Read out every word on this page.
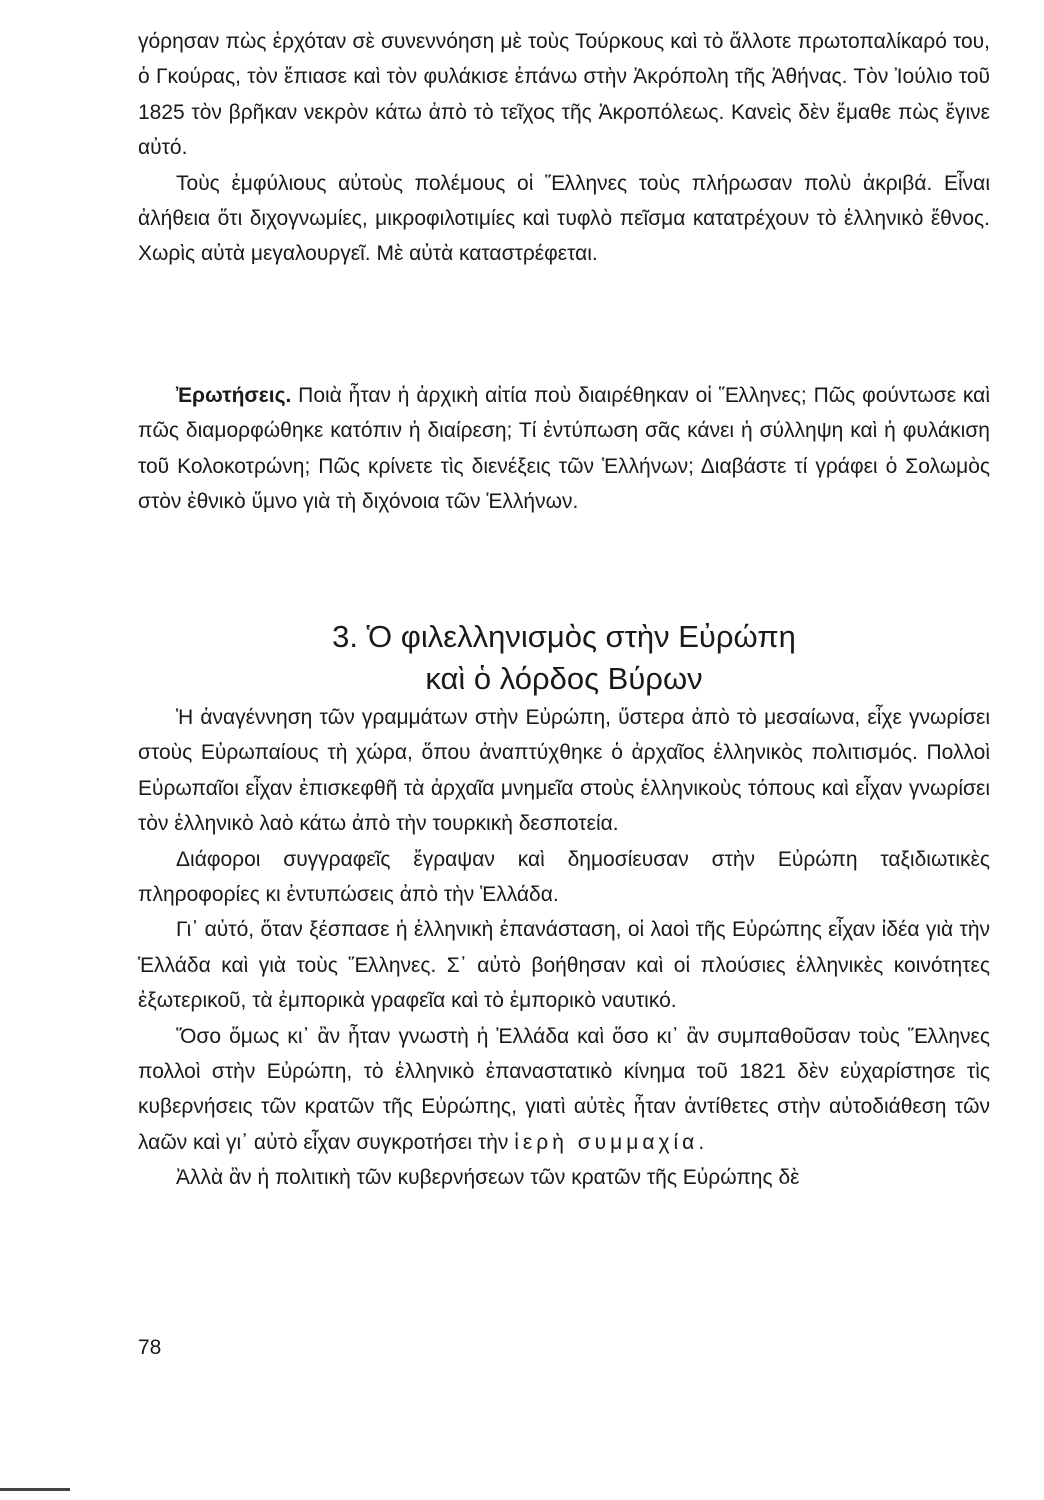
γόρησαν πὼς ἐρχόταν σὲ συνεννόηση μὲ τοὺς Τούρκους καὶ τὸ ἄλλοτε πρωτοπαλίκαρό του, ὁ Γκούρας, τὸν ἔπιασε καὶ τὸν φυλάκισε ἐπάνω στὴν Ἀκρόπολη τῆς Ἀθήνας. Τὸν Ἰούλιο τοῦ 1825 τὸν βρῆκαν νεκρὸν κάτω ἀπὸ τὸ τεῖχος τῆς Ἀκροπόλεως. Κανεὶς δὲν ἔμαθε πὼς ἔγινε αὐτό.

Τοὺς ἐμφύλιους αὐτοὺς πολέμους οἱ Ἕλληνες τοὺς πλήρωσαν πολὺ ἀκριβά. Εἶναι ἀλήθεια ὅτι διχογνωμίες, μικροφιλοτιμίες καὶ τυφλὸ πεῖσμα κατατρέχουν τὸ ἑλληνικὸ ἔθνος. Χωρὶς αὐτὰ μεγαλουργεῖ. Μὲ αὐτὰ καταστρέφεται.

Ἐρωτήσεις. Ποιὰ ἦταν ἡ ἀρχικὴ αἰτία ποὺ διαιρέθηκαν οἱ Ἕλληνες; Πῶς φούντωσε καὶ πῶς διαμορφώθηκε κατόπιν ἡ διαίρεση; Τί ἐντύπωση σᾶς κάνει ἡ σύλληψη καὶ ἡ φυλάκιση τοῦ Κολοκοτρώνη; Πῶς κρίνετε τὶς διενέξεις τῶν Ἑλλήνων; Διαβάστε τί γράφει ὁ Σολωμὸς στὸν ἐθνικὸ ὕμνο γιὰ τὴ διχόνοια τῶν Ἑλλήνων.

3. Ὁ φιλελληνισμὸς στὴν Εὐρώπη
καὶ ὁ λόρδος Βύρων

Ἡ ἀναγέννηση τῶν γραμμάτων στὴν Εὐρώπη, ὕστερα ἀπὸ τὸ μεσαίωνα, εἶχε γνωρίσει στοὺς Εὐρωπαίους τὴ χώρα, ὅπου ἀναπτύχθηκε ὁ ἀρχαῖος ἑλληνικὸς πολιτισμός. Πολλοὶ Εὐρωπαῖοι εἶχαν ἐπισκεφθῆ τὰ ἀρχαῖα μνημεῖα στοὺς ἑλληνικοὺς τόπους καὶ εἶχαν γνωρίσει τὸν ἑλληνικὸ λαὸ κάτω ἀπὸ τὴν τουρκικὴ δεσποτεία.

Διάφοροι συγγραφεῖς ἔγραψαν καὶ δημοσίευσαν στὴν Εὐρώπη ταξιδιωτικὲς πληροφορίες κι ἐντυπώσεις ἀπὸ τὴν Ἑλλάδα.

Γι᾿ αὐτό, ὅταν ξέσπασε ἡ ἑλληνικὴ ἐπανάσταση, οἱ λαοὶ τῆς Εὐρώπης εἶχαν ἰδέα γιὰ τὴν Ἑλλάδα καὶ γιὰ τοὺς Ἕλληνες. Σ᾿ αὐτὸ βοήθησαν καὶ οἱ πλούσιες ἑλληνικὲς κοινότητες ἐξωτερικοῦ, τὰ ἐμπορικὰ γραφεῖα καὶ τὸ ἐμπορικὸ ναυτικό.

Ὅσο ὅμως κι᾿ ἂν ἦταν γνωστὴ ἡ Ἑλλάδα καὶ ὅσο κι᾿ ἂν συμπαθοῦσαν τοὺς Ἕλληνες πολλοὶ στὴν Εὐρώπη, τὸ ἑλληνικὸ ἐπαναστατικὸ κίνημα τοῦ 1821 δὲν εὐχαρίστησε τὶς κυβερνήσεις τῶν κρατῶν τῆς Εὐρώπης, γιατὶ αὐτὲς ἦταν ἀντίθετες στὴν αὐτοδιάθεση τῶν λαῶν καὶ γι᾿ αὐτὸ εἶχαν συγκροτήσει τὴν ἱερὴ συμμαχία.

Ἀλλὰ ἂν ἡ πολιτικὴ τῶν κυβερνήσεων τῶν κρατῶν τῆς Εὐρώπης δὲ

78
